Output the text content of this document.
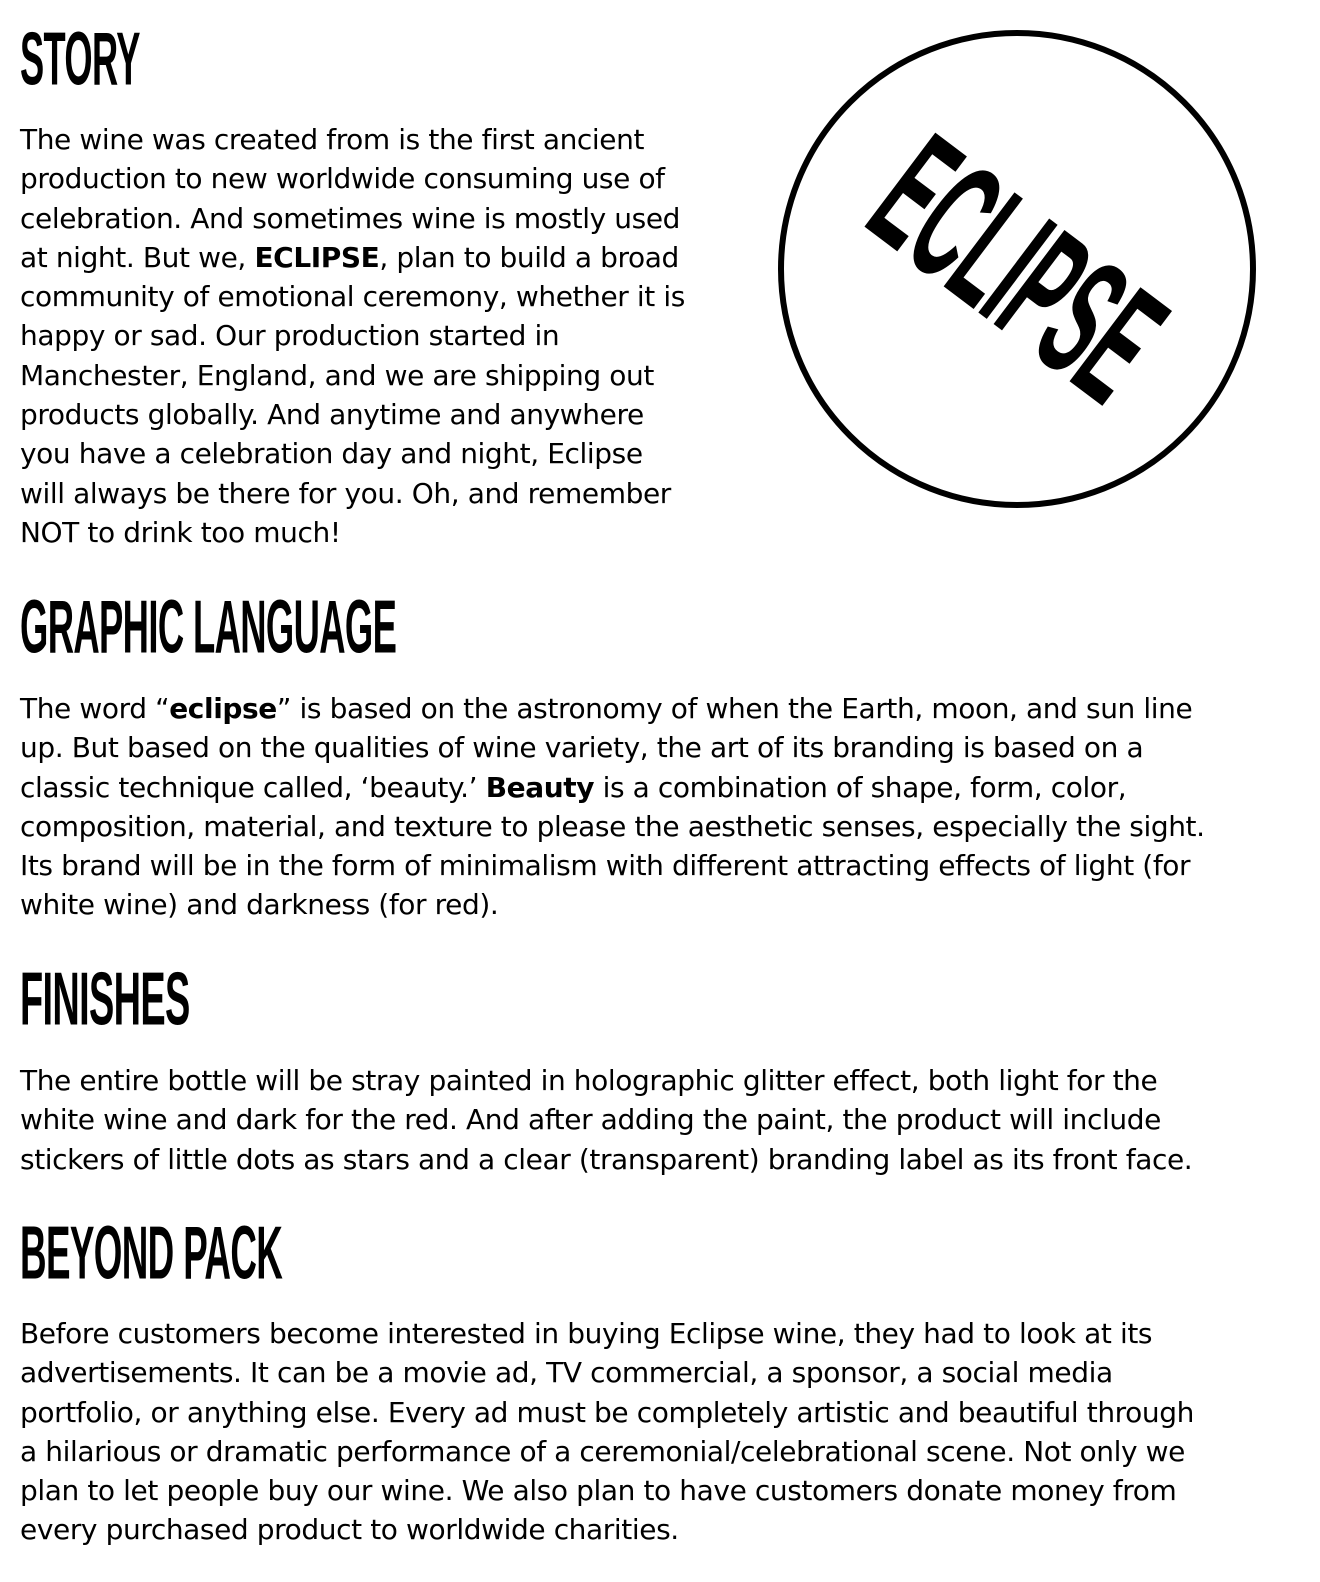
STORY
The wine was created from is the first ancient
production to new worldwide consuming use of
celebration. And sometimes wine is mostly used
at night. But we, ECLIPSE, plan to build a broad
community of emotional ceremony, whether it is
happy or sad. Our production started in
Manchester, England, and we are shipping out
products globally. And anytime and anywhere
you have a celebration day and night, Eclipse
will always be there for you. Oh, and remember
NOT to drink too much!
ECLIPSE
GRAPHIC LANGUAGE
The word “eclipse” is based on the astronomy of when the Earth, moon, and sun line
up. But based on the qualities of wine variety, the art of its branding is based on a
classic technique called, ‘beauty.’ Beauty is a combination of shape, form, color,
composition, material, and texture to please the aesthetic senses, especially the sight.
Its brand will be in the form of minimalism with different attracting effects of light (for
white wine) and darkness (for red).
FINISHES
The entire bottle will be stray painted in holographic glitter effect, both light for the
white wine and dark for the red. And after adding the paint, the product will include
stickers of little dots as stars and a clear (transparent) branding label as its front face.
BEYOND PACK
Before customers become interested in buying Eclipse wine, they had to look at its
advertisements. It can be a movie ad, TV commercial, a sponsor, a social media
portfolio, or anything else. Every ad must be completely artistic and beautiful through
a hilarious or dramatic performance of a ceremonial/celebrational scene. Not only we
plan to let people buy our wine. We also plan to have customers donate money from
every purchased product to worldwide charities.
